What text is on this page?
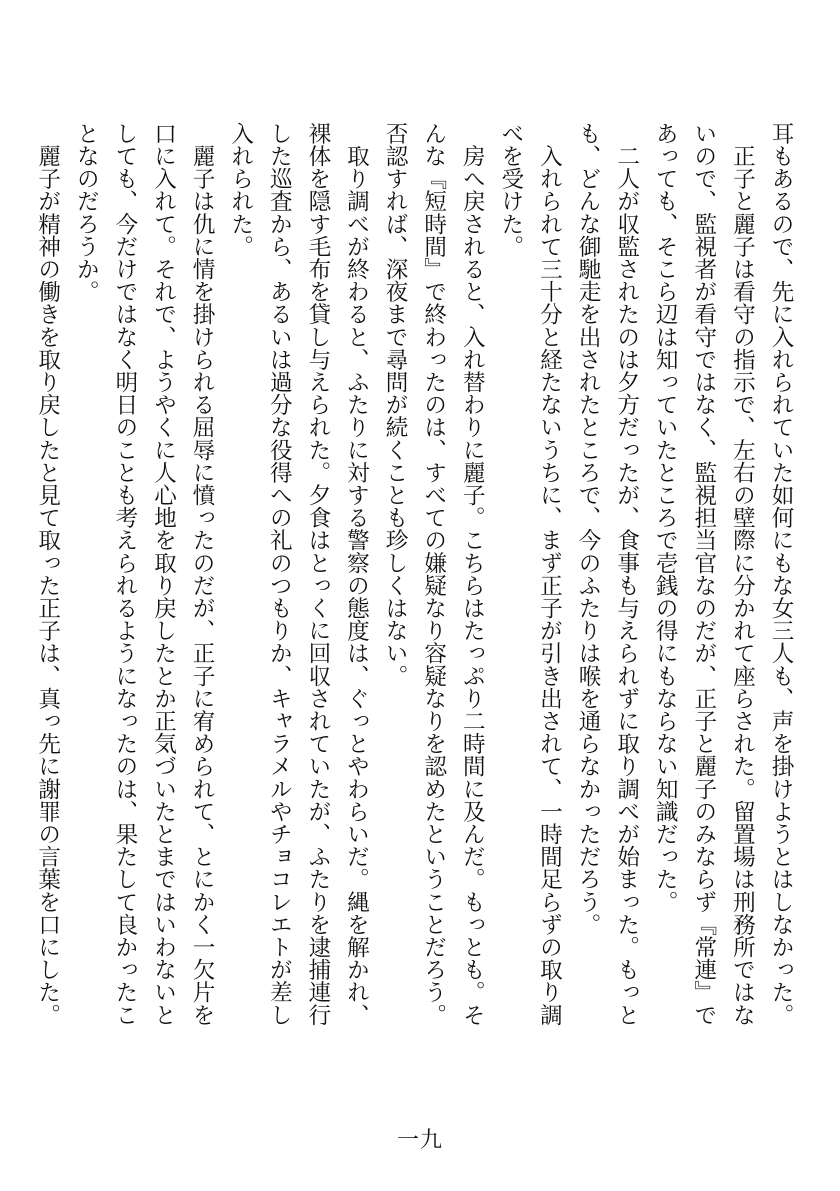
耳もあるので、先に入れられていた如何にもな女三人も、声を掛けようとはしなかった。

　正子と麗子は看守の指示で、左右の壁際に分かれて座らされた。留置場は刑務所ではないので、監視者が看守ではなく、監視担当官なのだが、正子と麗子のみならず『常連』であっても、そこら辺は知っていたところで壱銭の得にもならない知識だった。

　二人が収監されたのは夕方だったが、食事も与えられずに取り調べが始まった。もっとも、どんな御馳走を出されたところで、今のふたりは喉を通らなかっただろう。

　入れられて三十分と経たないうちに、まず正子が引き出されて、一時間足らずの取り調べを受けた。

　房へ戻されると、入れ替わりに麗子。こちらはたっぷり二時間に及んだ。もっとも。そんな『短時間』で終わったのは、すべての嫌疑なり容疑なりを認めたということだろう。否認すれば、深夜まで尋問が続くことも珍しくはない。

　取り調べが終わると、ふたりに対する警察の態度は、ぐっとやわらいだ。縄を解かれ、裸体を隠す毛布を貸し与えられた。夕食はとっくに回収されていたが、ふたりを逮捕連行した巡査から、あるいは過分な役得への礼のつもりか、キャラメルやチョコレエトが差し入れられた。

　麗子は仇に情を掛けられる屈辱に憤ったのだが、正子に宥められて、とにかく一欠片を口に入れて。それで、ようやくに人心地を取り戻したとか正気づいたとまではいわないとしても、今だけではなく明日のことも考えられるようになったのは、果たして良かったことなのだろうか。

　麗子が精神の働きを取り戻したと見て取った正子は、真っ先に謝罪の言葉を口にした。

一九
